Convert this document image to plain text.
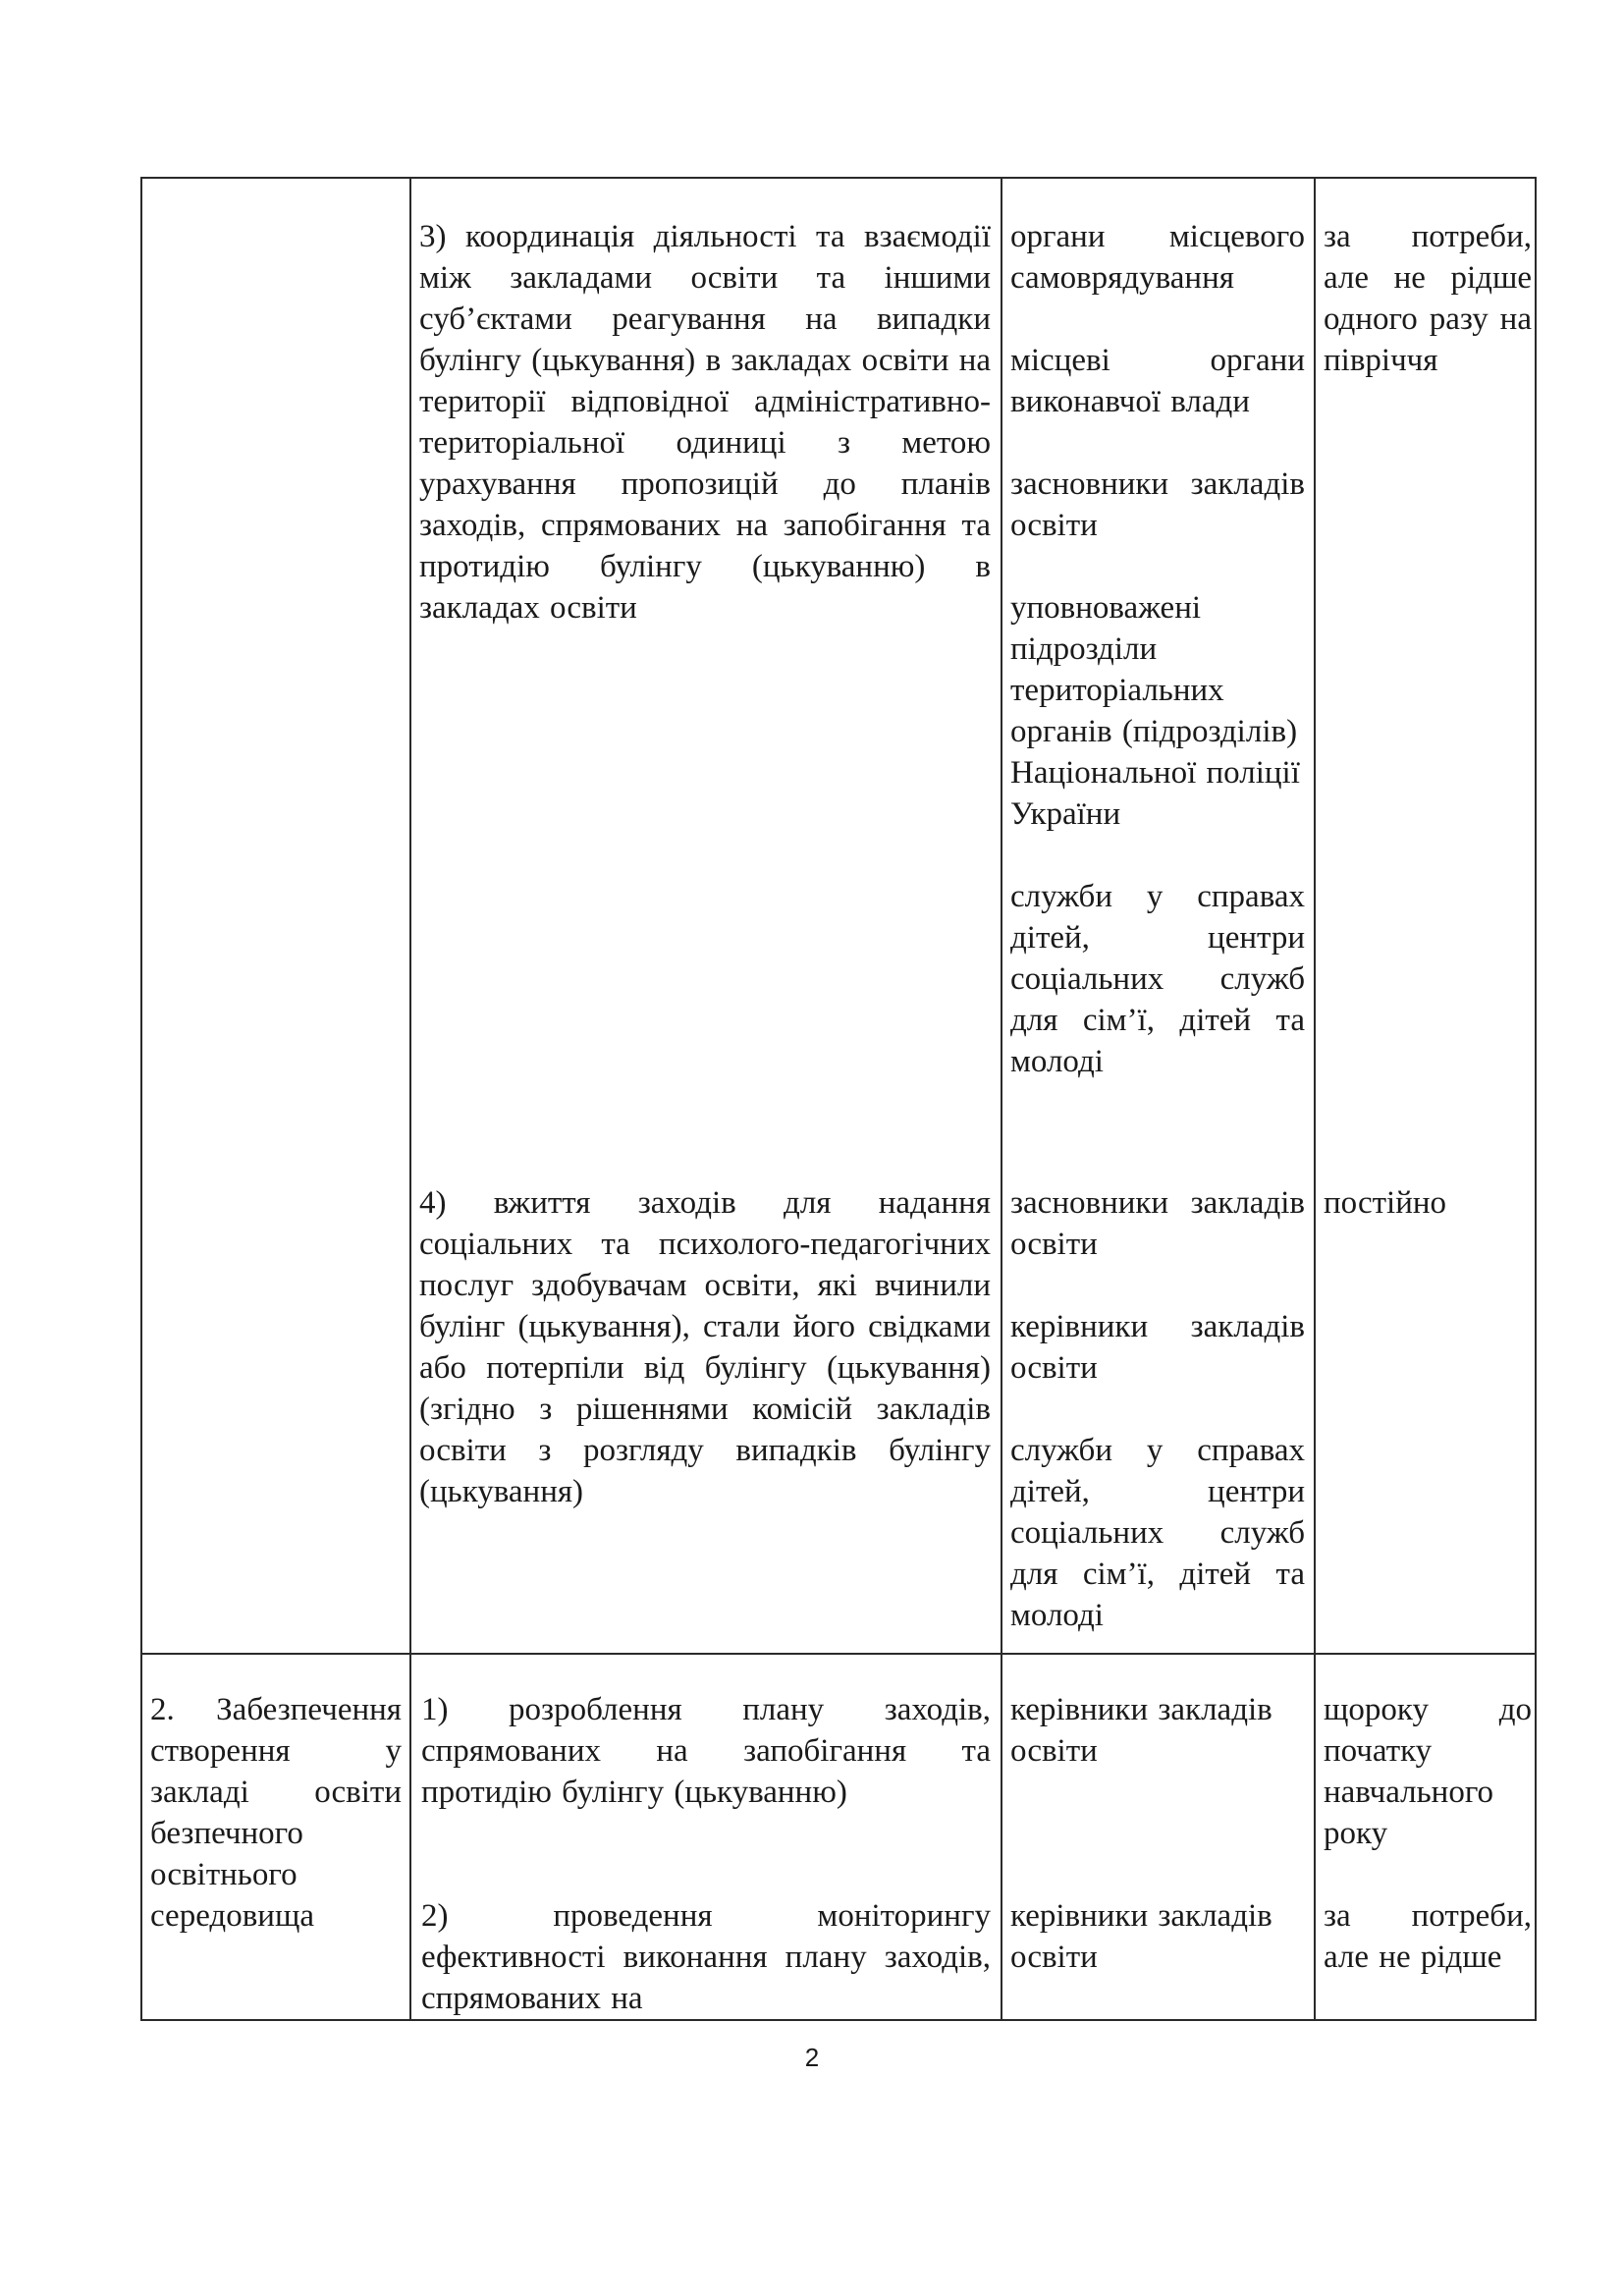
3) координація діяльності та взаємодії між закладами освіти та іншими суб’єктами реагування на випадки булінгу (цькування) в закладах освіти на території відповідної адміністративно-територіальної одиниці з метою урахування пропозицій до планів заходів, спрямованих на запобігання та протидію булінгу (цькуванню) в закладах освіти

органи місцевого самоврядування

місцеві органи виконавчої влади

засновники закладів освіти

уповноважені підрозділи територіальних органів (підрозділів) Національної поліції України

служби у справах дітей, центри соціальних служб для сім’ї, дітей та молоді

за потреби, але не рідше одного разу на півріччя

4) вжиття заходів для надання соціальних та психолого-педагогічних послуг здобувачам освіти, які вчинили булінг (цькування), стали його свідками або потерпіли від булінгу (цькування) (згідно з рішеннями комісій закладів освіти з розгляду випадків булінгу (цькування)

засновники закладів освіти

керівники закладів освіти

служби у справах дітей, центри соціальних служб для сім’ї, дітей та молоді

постійно

2. Забезпечення створення у закладі освіти безпечного освітнього середовища

1) розроблення плану заходів, спрямованих на запобігання та протидію булінгу (цькуванню)

керівники закладів освіти

щороку до початку навчального року

2) проведення моніторингу ефективності виконання плану заходів, спрямованих на

керівники закладів освіти

за потреби, але не рідше

2
